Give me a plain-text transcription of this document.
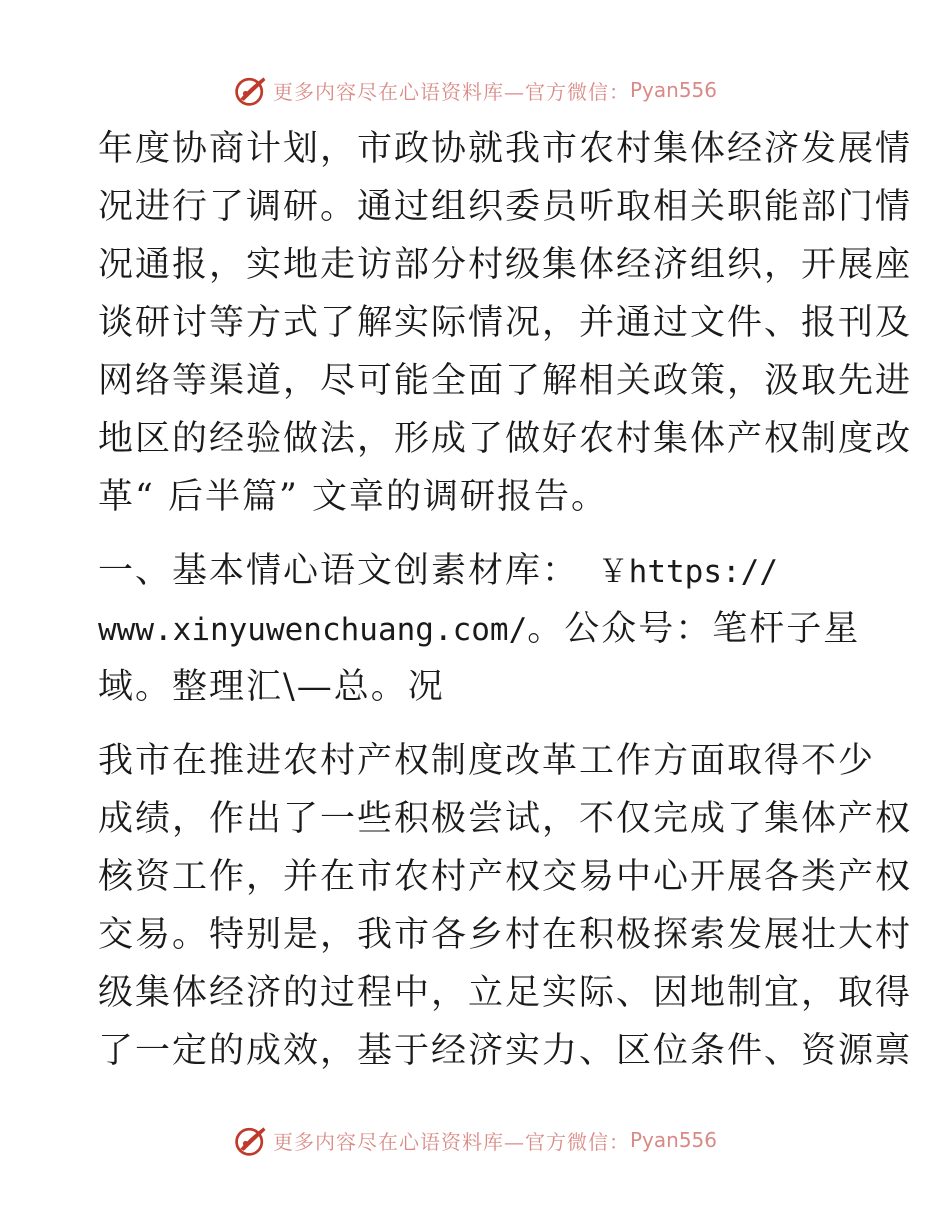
更多内容尽在心语资料库—官方微信： Pyan556
年度协商计划，市政协就我市农村集体经济发展情
况进行了调研。通过组织委员听取相关职能部门情
况通报，实地走访部分村级集体经济组织，开展座
谈研讨等方式了解实际情况，并通过文件、报刊及
网络等渠道，尽可能全面了解相关政策，汲取先进
地区的经验做法，形成了做好农村集体产权制度改
革“ 后半篇” 文章的调研报告。
一、基本情心语文创素材库： ￥https://
www.xinyuwenchuang.com/。公众号：笔杆子星
域。整理汇\—总。况
我市在推进农村产权制度改革工作方面取得不少
成绩，作出了一些积极尝试，不仅完成了集体产权
核资工作，并在市农村产权交易中心开展各类产权
交易。特别是，我市各乡村在积极探索发展壮大村
级集体经济的过程中，立足实际、因地制宜，取得
了一定的成效，基于经济实力、区位条件、资源禀
更多内容尽在心语资料库—官方微信： Pyan556
